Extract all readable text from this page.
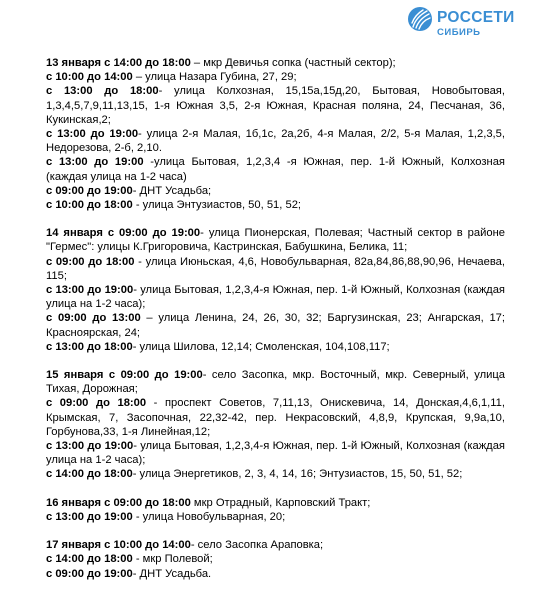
РОССЕТИ
СИБИРЬ
13 января с 14:00 до 18:00 – мкр Девичья сопка (частный сектор);
с 10:00 до 14:00 – улица Назара Губина, 27, 29;
с 13:00 до 18:00- улица Колхозная, 15,15а,15д,20, Бытовая, Новобытовая, 1,3,4,5,7,9,11,13,15, 1-я Южная 3,5, 2-я Южная, Красная поляна, 24, Песчаная, 36, Кукинская,2;
с 13:00 до 19:00- улица 2-я Малая, 1б,1с, 2а,2б, 4-я Малая, 2/2, 5-я Малая, 1,2,3,5, Недорезова, 2-б, 2,10.
с 13:00 до 19:00 -улица Бытовая, 1,2,3,4 -я Южная, пер. 1-й Южный, Колхозная (каждая улица на 1-2 часа)
с 09:00 до 19:00- ДНТ Усадьба;
с 10:00 до 18:00 - улица Энтузиастов, 50, 51, 52;
14 января с 09:00 до 19:00- улица Пионерская, Полевая; Частный сектор в районе "Гермес": улицы К.Григоровича, Кастринская, Бабушкина, Белика, 11;
с 09:00 до 18:00 - улица Июньская, 4,6, Новобульварная, 82а,84,86,88,90,96, Нечаева, 115;
с 13:00 до 19:00- улица Бытовая, 1,2,3,4-я Южная, пер. 1-й Южный, Колхозная (каждая улица на 1-2 часа);
с 09:00 до 13:00 – улица Ленина, 24, 26, 30, 32; Баргузинская, 23; Ангарская, 17; Красноярская, 24;
с 13:00 до 18:00- улица Шилова, 12,14; Смоленская, 104,108,117;
15 января с 09:00 до 19:00- село Засопка, мкр. Восточный, мкр. Северный, улица Тихая, Дорожная;
с 09:00 до 18:00 - проспект Советов, 7,11,13, Онискевича, 14, Донская,4,6,1,11, Крымская, 7, Засопочная, 22,32-42, пер. Некрасовский, 4,8,9, Крупская, 9,9а,10, Горбунова,33, 1-я Линейная,12;
с 13:00 до 19:00- улица Бытовая, 1,2,3,4-я Южная, пер. 1-й Южный, Колхозная (каждая улица на 1-2 часа);
с 14:00 до 18:00- улица Энергетиков, 2, 3, 4, 14, 16; Энтузиастов, 15, 50, 51, 52;
16 января с 09:00 до 18:00 мкр Отрадный, Карповский Тракт;
с 13:00 до 19:00 - улица Новобульварная, 20;
17 января с 10:00 до 14:00- село Засопка Араповка;
с 14:00 до 18:00 - мкр Полевой;
с 09:00 до 19:00- ДНТ Усадьба.
